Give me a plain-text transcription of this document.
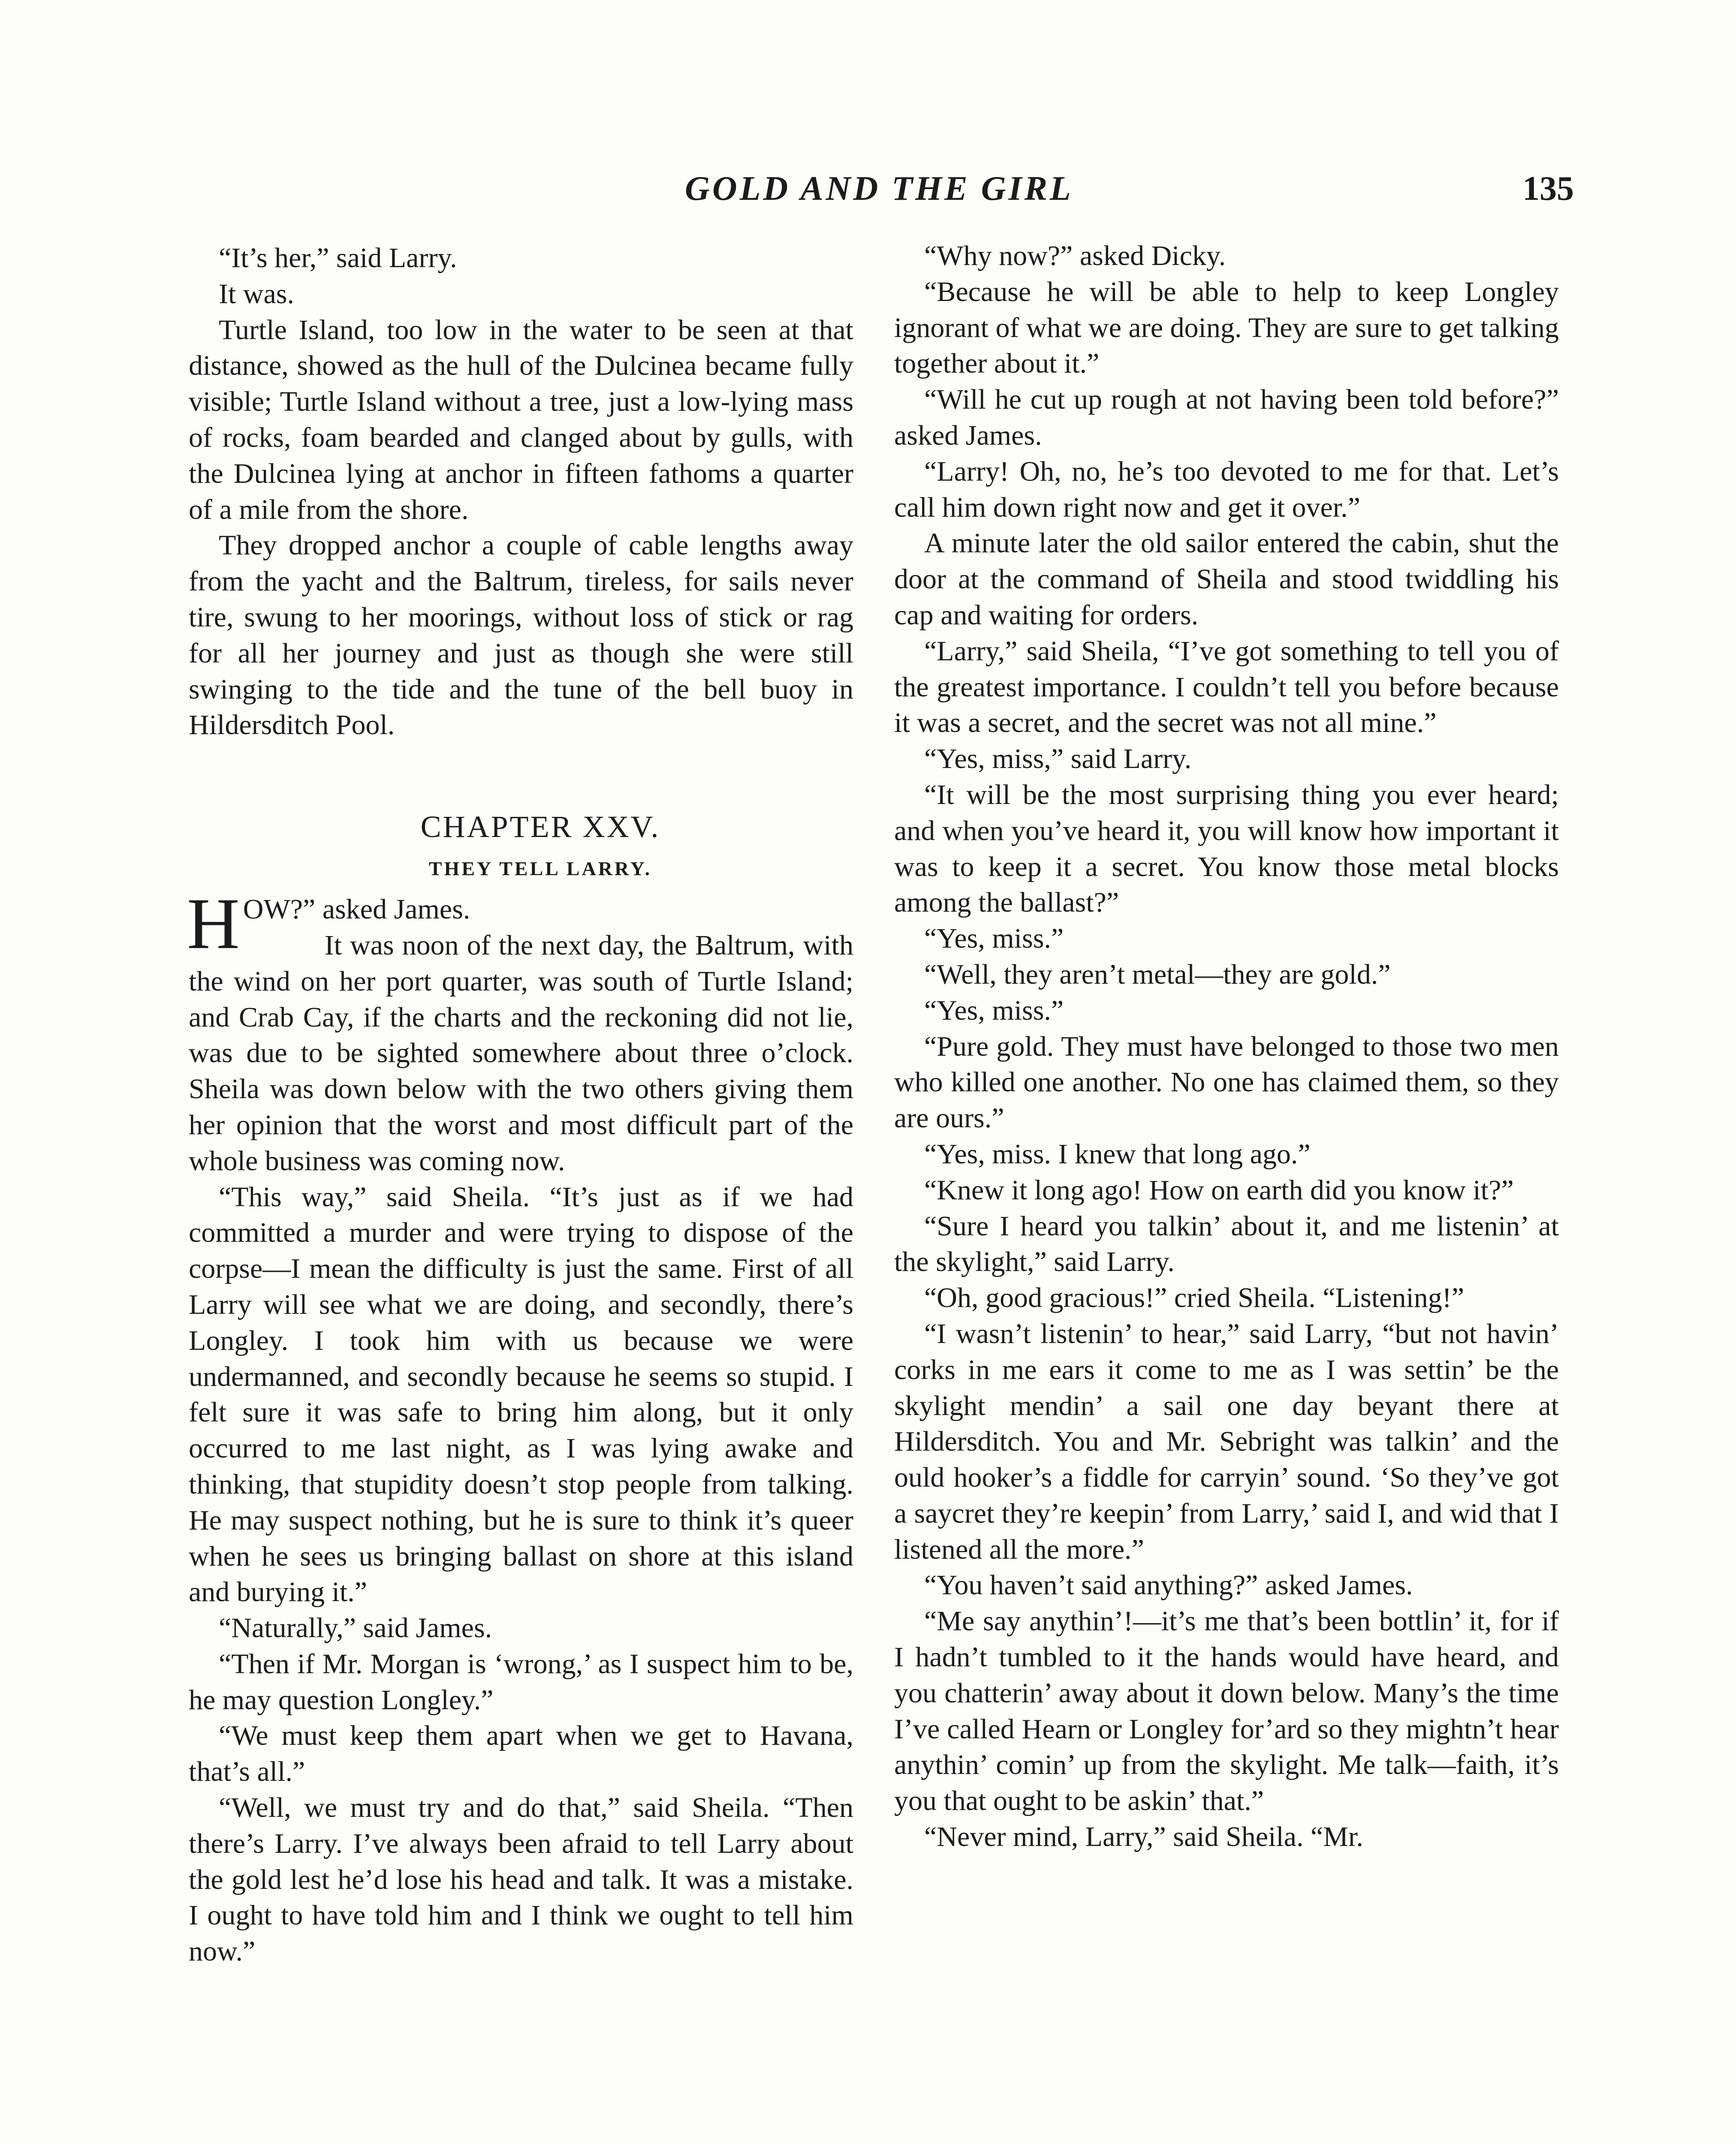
GOLD AND THE GIRL	135

“It’s her,” said Larry.

It was.

Turtle Island, too low in the water to be seen at that distance, showed as the hull of the Dulcinea became fully visible; Turtle Island without a tree, just a low-lying mass of rocks, foam bearded and clanged about by gulls, with the Dulcinea lying at anchor in fifteen fathoms a quarter of a mile from the shore.

They dropped anchor a couple of cable lengths away from the yacht and the Baltrum, tireless, for sails never tire, swung to her moorings, without loss of stick or rag for all her journey and just as though she were still swinging to the tide and the tune of the bell buoy in Hildersditch Pool.

CHAPTER XXV.
THEY TELL LARRY.

HOW?” asked James.

It was noon of the next day, the Baltrum, with the wind on her port quarter, was south of Turtle Island; and Crab Cay, if the charts and the reckoning did not lie, was due to be sighted somewhere about three o’clock. Sheila was down below with the two others giving them her opinion that the worst and most difficult part of the whole business was coming now.

“This way,” said Sheila. “It’s just as if we had committed a murder and were trying to dispose of the corpse—I mean the difficulty is just the same. First of all Larry will see what we are doing, and secondly, there’s Longley. I took him with us because we were undermanned, and secondly because he seems so stupid. I felt sure it was safe to bring him along, but it only occurred to me last night, as I was lying awake and thinking, that stupidity doesn’t stop people from talking. He may suspect nothing, but he is sure to think it’s queer when he sees us bringing ballast on shore at this island and burying it.”

“Naturally,” said James.

“Then if Mr. Morgan is ‘wrong,’ as I suspect him to be, he may question Longley.”

“We must keep them apart when we get to Havana, that’s all.”

“Well, we must try and do that,” said Sheila. “Then there’s Larry. I’ve always been afraid to tell Larry about the gold lest he’d lose his head and talk. It was a mistake. I ought to have told him and I think we ought to tell him now.”

“Why now?” asked Dicky.

“Because he will be able to help to keep Longley ignorant of what we are doing. They are sure to get talking together about it.”

“Will he cut up rough at not having been told before?” asked James.

“Larry! Oh, no, he’s too devoted to me for that. Let’s call him down right now and get it over.”

A minute later the old sailor entered the cabin, shut the door at the command of Sheila and stood twiddling his cap and waiting for orders.

“Larry,” said Sheila, “I’ve got something to tell you of the greatest importance. I couldn’t tell you before because it was a secret, and the secret was not all mine.”

“Yes, miss,” said Larry.

“It will be the most surprising thing you ever heard; and when you’ve heard it, you will know how important it was to keep it a secret. You know those metal blocks among the ballast?”

“Yes, miss.”

“Well, they aren’t metal—they are gold.”

“Yes, miss.”

“Pure gold. They must have belonged to those two men who killed one another. No one has claimed them, so they are ours.”

“Yes, miss. I knew that long ago.”

“Knew it long ago! How on earth did you know it?”

“Sure I heard you talkin’ about it, and me listenin’ at the skylight,” said Larry.

“Oh, good gracious!” cried Sheila. “Listening!”

“I wasn’t listenin’ to hear,” said Larry, “but not havin’ corks in me ears it come to me as I was settin’ be the skylight mendin’ a sail one day beyant there at Hildersditch. You and Mr. Sebright was talkin’ and the ould hooker’s a fiddle for carryin’ sound. ‘So they’ve got a saycret they’re keepin’ from Larry,’ said I, and wid that I listened all the more.”

“You haven’t said anything?” asked James.

“Me say anythin’!—it’s me that’s been bottlin’ it, for if I hadn’t tumbled to it the hands would have heard, and you chatterin’ away about it down below. Many’s the time I’ve called Hearn or Longley for’ard so they mightn’t hear anythin’ comin’ up from the skylight. Me talk—faith, it’s you that ought to be askin’ that.”

“Never mind, Larry,” said Sheila. “Mr.
